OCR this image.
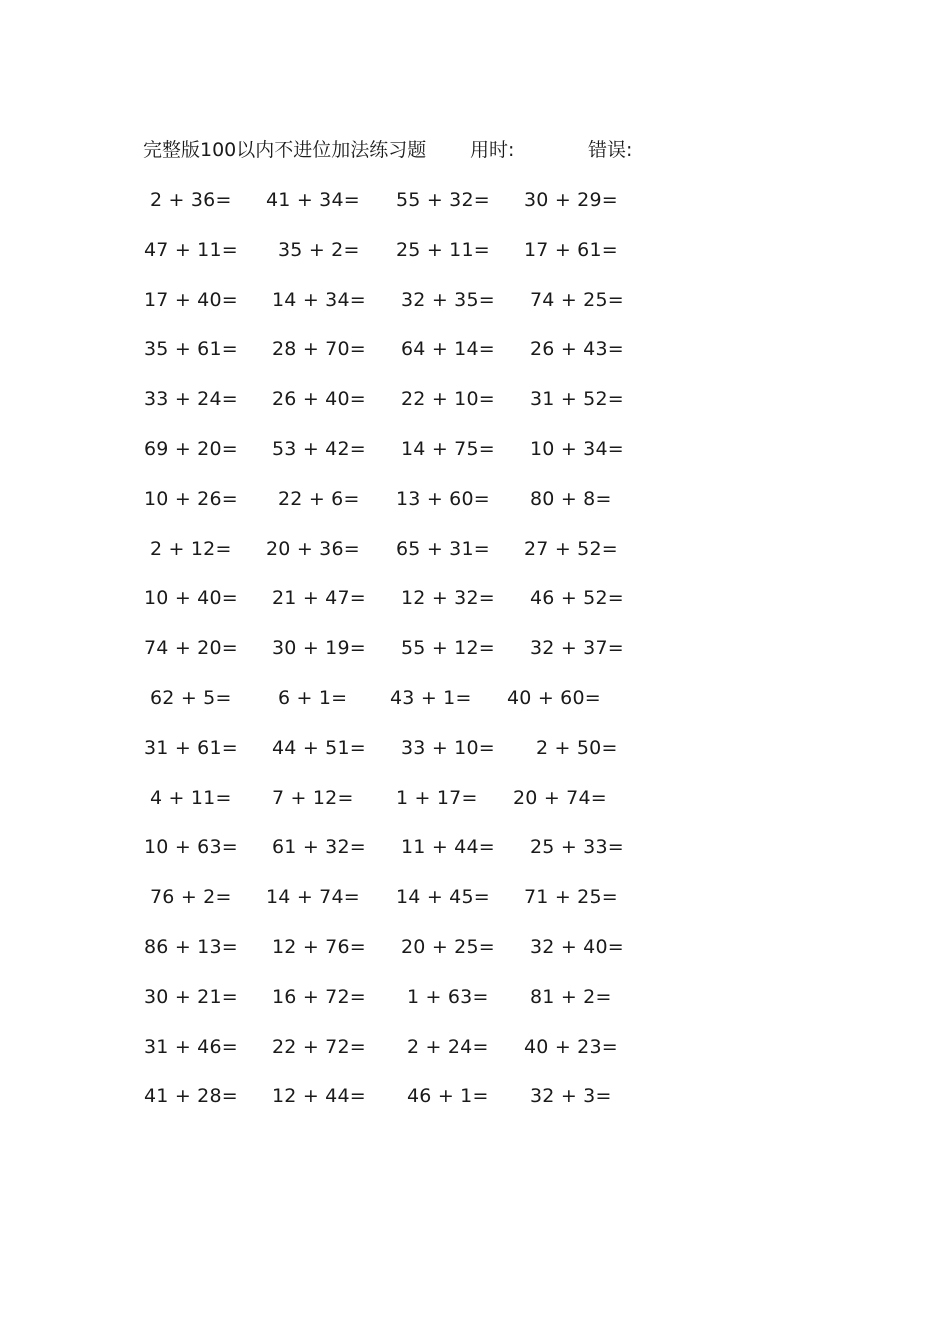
完整版100以内不进位加法练习题 用时:	错误:
2 + 36= 41 + 34= 55 + 32= 30 + 29=
47 + 11= 35 + 2= 25 + 11= 17 + 61=
17 + 40= 14 + 34= 32 + 35= 74 + 25=
35 + 61= 28 + 70= 64 + 14= 26 + 43=
33 + 24= 26 + 40= 22 + 10= 31 + 52=
69 + 20= 53 + 42= 14 + 75= 10 + 34=
10 + 26= 22 + 6= 13 + 60= 80 + 8=
2 + 12= 20 + 36= 65 + 31= 27 + 52=
10 + 40= 21 + 47= 12 + 32= 46 + 52=
74 + 20= 30 + 19= 55 + 12= 32 + 37=
62 + 5= 6 + 1= 43 + 1= 40 + 60=
31 + 61= 44 + 51= 33 + 10= 2 + 50=
4 + 11= 7 + 12= 1 + 17= 20 + 74=
10 + 63= 61 + 32= 11 + 44= 25 + 33=
76 + 2= 14 + 74= 14 + 45= 71 + 25=
86 + 13= 12 + 76= 20 + 25= 32 + 40=
30 + 21= 16 + 72= 1 + 63= 81 + 2=
31 + 46= 22 + 72= 2 + 24= 40 + 23=
41 + 28= 12 + 44= 46 + 1= 32 + 3=
